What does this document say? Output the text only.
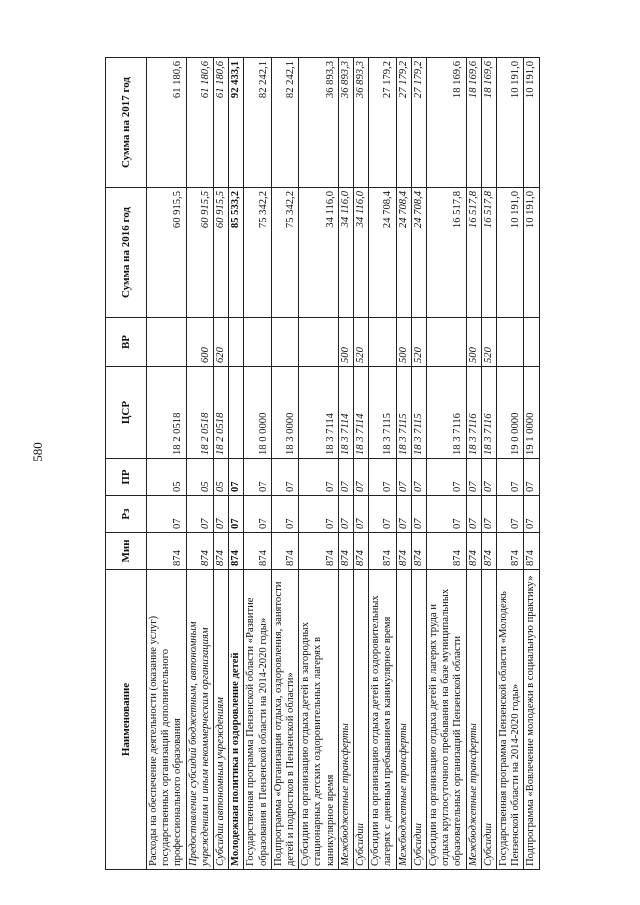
580
Наименование	Мин	Рз	ПР	ЦСР	ВР	Сумма на 2016 год	Сумма на 2017 год
Расходы на обеспечение деятельности (оказание услуг) государственных организаций дополнительного профессионального образования	874	07	05	18 2 0518		60 915,5	61 180,6
Предоставление субсидий бюджетным, автономным учреждениям и иным некоммерческим организациям	874	07	05	18 2 0518	600	60 915,5	61 180,6
Субсидии автономным учреждениям	874	07	05	18 2 0518	620	60 915,5	61 180,6
Молодежная политика и оздоровление детей	874	07	07			85 533,2	92 433,1
Государственная программа Пензенской области «Развитие образования в Пензенской области на 2014-2020 годы»	874	07	07	18 0 0000		75 342,2	82 242,1
Подпрограмма «Организация отдыха, оздоровления, занятости детей и подростков в Пензенской области»	874	07	07	18 3 0000		75 342,2	82 242,1
Субсидии на организацию отдыха детей в загородных стационарных детских оздоровительных лагерях в каникулярное время	874	07	07	18 3 7114		34 116,0	36 893,3
Межбюджетные трансферты	874	07	07	18 3 7114	500	34 116,0	36 893,3
Субсидии	874	07	07	18 3 7114	520	34 116,0	36 893,3
Субсидии на организацию отдыха детей в оздоровительных лагерях с дневным пребыванием в каникулярное время	874	07	07	18 3 7115		24 708,4	27 179,2
Межбюджетные трансферты	874	07	07	18 3 7115	500	24 708,4	27 179,2
Субсидии	874	07	07	18 3 7115	520	24 708,4	27 179,2
Субсидии на организацию отдыха детей в лагерях труда и отдыха круглосуточного пребывания на базе муниципальных образовательных организаций Пензенской области	874	07	07	18 3 7116		16 517,8	18 169,6
Межбюджетные трансферты	874	07	07	18 3 7116	500	16 517,8	18 169,6
Субсидии	874	07	07	18 3 7116	520	16 517,8	18 169,6
Государственная программа Пензенской области «Молодежь Пензенской области на 2014-2020 годы»	874	07	07	19 0 0000		10 191,0	10 191,0
Подпрограмма «Вовлечение молодежи в социальную практику»	874	07	07	19 1 0000		10 191,0	10 191,0
